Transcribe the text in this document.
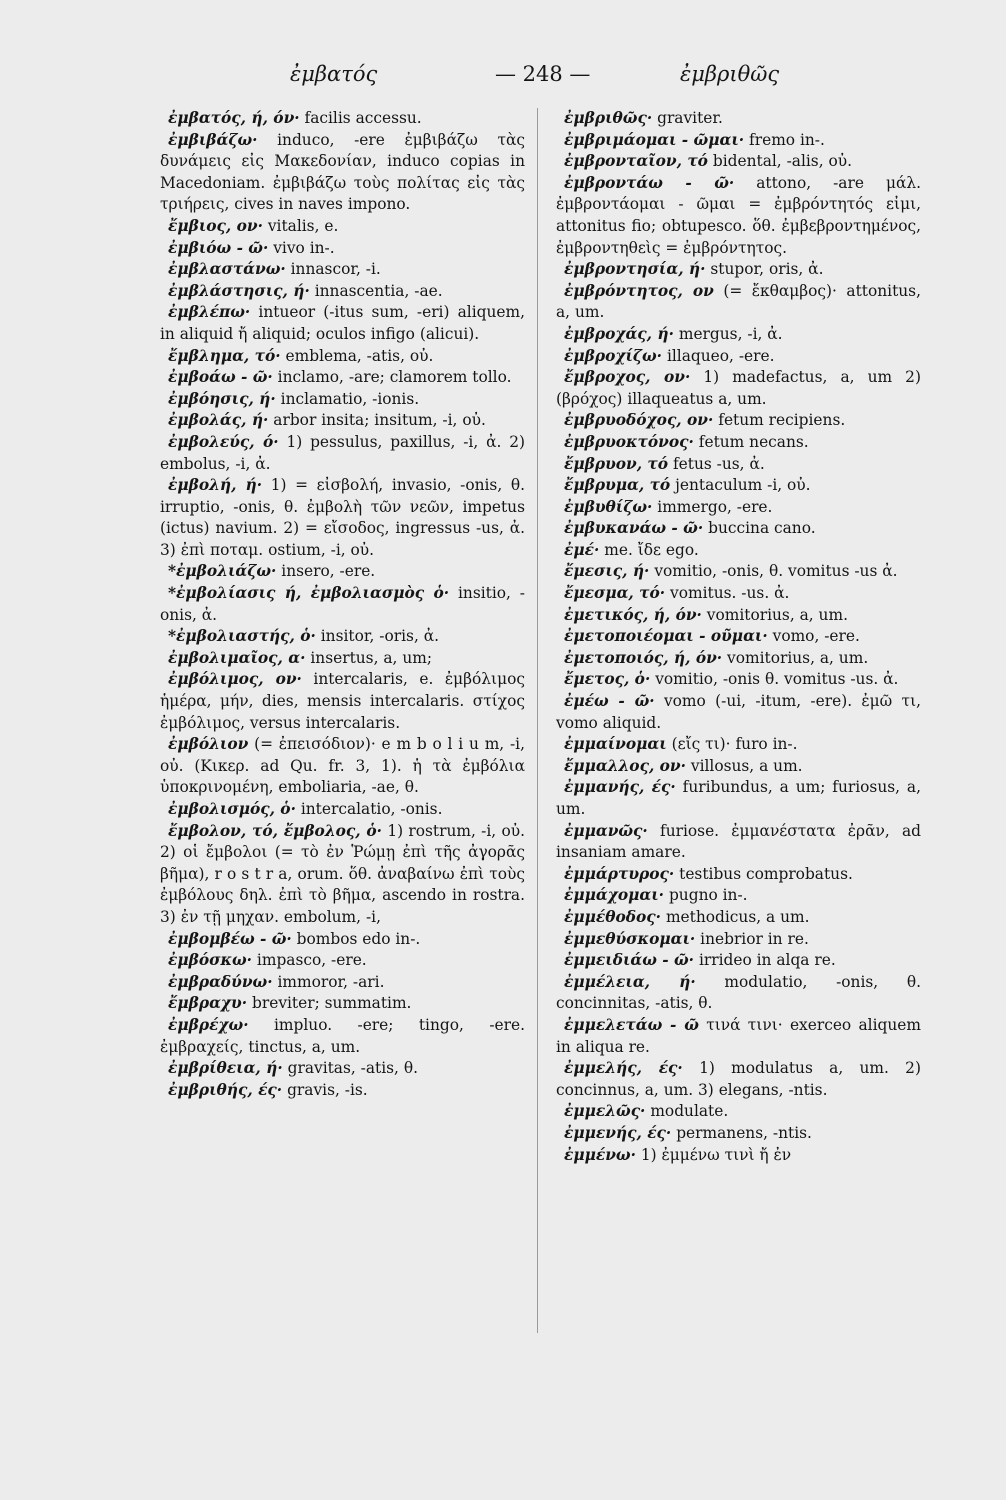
ἐμβατός	— 248 —	ἐμβριθῶς

ἐμβατός, ή, όν· facilis accessu.

ἐμβιβάζω· induco, -ere ἐμβιβάζω τὰς δυνάμεις εἰς Μακεδονίαν, induco copias in Macedoniam. ἐμβιβάζω τοὺς πολίτας εἰς τὰς τριήρεις, cives in naves impono.

ἔμβιος, ον· vitalis, e.

ἐμβιόω - ῶ· vivo in-.

ἐμβλαστάνω· innascor, -i.

ἐμβλάστησις, ή· innascentia, -ae.

ἐμβλέπω· intueor (-itus sum, -eri) aliquem, in aliquid ἤ aliquid; oculos infigo (alicui).

ἔμβλημα, τό· emblema, -atis, οὐ.

ἐμβοάω - ῶ· inclamo, -are; clamorem tollo.

ἐμβόησις, ή· inclamatio, -ionis.

ἐμβολάς, ή· arbor insita; insitum, -i, οὐ.

ἐμβολεύς, ό· 1) pessulus, paxillus, -i, ἀ. 2) embolus, -i, ἀ.

ἐμβολή, ή· 1) = εἰσβολή, invasio, -onis, θ. irruptio, -onis, θ. ἐμβολὴ τῶν νεῶν, impetus (ictus) navium. 2) = εἴσοδος, ingressus -us, ἀ. 3) ἐπὶ ποταμ. ostium, -i, οὐ.

*ἐμβολιάζω· insero, -ere.

*ἐμβολίασις ή, ἐμβολιασμὸς ὁ· insitio, -onis, ἀ.

*ἐμβολιαστής, ὁ· insitor, -oris, ἀ.

ἐμβολιμαῖος, α· insertus, a, um;

ἐμβόλιμος, ον· intercalaris, e. ἐμβόλιμος ἡμέρα, μήν, dies, mensis intercalaris. στίχος ἐμβόλιμος, versus intercalaris.

ἐμβόλιον (= ἐπεισόδιον)· e m b o l i u m, -i, οὐ. (Κικερ. ad Qu. fr. 3, 1). ἡ τὰ ἐμβόλια ὑποκρινομένη, emboliaria, -ae, θ.

ἐμβολισμός, ὁ· intercalatio, -onis.

ἔμβολον, τό, ἔμβολος, ὁ· 1) rostrum, -i, οὐ. 2) οἱ ἔμβολοι (= τὸ ἐν Ῥώμῃ ἐπὶ τῆς ἀγορᾶς βῆμα), r o s t r a, orum. ὅθ. ἀναβαίνω ἐπὶ τοὺς ἐμβόλους δηλ. ἐπὶ τὸ βῆμα, ascendo in rostra. 3) ἐν τῇ μηχαν. embolum, -i,

ἐμβομβέω - ῶ· bombos edo in-.

ἐμβόσκω· impasco, -ere.

ἐμβραδύνω· immoror, -ari.

ἔμβραχυ· breviter; summatim.

ἐμβρέχω· impluo. -ere; tingo, -ere. ἐμβραχείς, tinctus, a, um.

ἐμβρίθεια, ή· gravitas, -atis, θ.

ἐμβριθής, ές· gravis, -is.

ἐμβριθῶς· graviter.

ἐμβριμάομαι - ῶμαι· fremo in-.

ἐμβρονταῖον, τό bidental, -alis, οὐ.

ἐμβροντάω - ῶ· attono, -are μάλ. ἐμβροντάομαι - ῶμαι = ἐμβρόντητός εἰμι, attonitus fio; obtupesco. ὅθ. ἐμβεβροντημένος, ἐμβροντηθεὶς = ἐμβρόντητος.

ἐμβροντησία, ή· stupor, oris, ἀ.

ἐμβρόντητος, ον (= ἔκθαμβος)· attonitus, a, um.

ἐμβροχάς, ή· mergus, -i, ἀ.

ἐμβροχίζω· illaqueo, -ere.

ἔμβροχος, ον· 1) madefactus, a, um 2) (βρόχος) illaqueatus a, um.

ἐμβρυοδόχος, ον· fetum recipiens.

ἐμβρυοκτόνος· fetum necans.

ἔμβρυον, τό fetus -us, ἀ.

ἔμβρυμα, τό jentaculum -i, οὐ.

ἐμβυθίζω· immergo, -ere.

ἐμβυκανάω - ῶ· buccina cano.

ἐμέ· me. ἴδε ego.

ἔμεσις, ή· vomitio, -onis, θ. vomitus -us ἀ.

ἔμεσμα, τό· vomitus. -us. ἀ.

ἐμετικός, ή, όν· vomitorius, a, um.

ἐμετοποιέομαι - οῦμαι· vomo, -ere.

ἐμετοποιός, ή, όν· vomitorius, a, um.

ἔμετος, ὁ· vomitio, -onis θ. vomitus -us. ἀ.

ἐμέω - ῶ· vomo (-ui, -itum, -ere). ἐμῶ τι, vomo aliquid.

ἐμμαίνομαι (εἴς τι)· furo in-.

ἔμμαλλος, ον· villosus, a um.

ἐμμανής, ές· furibundus, a um; furiosus, a, um.

ἐμμανῶς· furiose. ἐμμανέστατα ἐρᾶν, ad insaniam amare.

ἐμμάρτυρος· testibus comprobatus.

ἐμμάχομαι· pugno in-.

ἐμμέθοδος· methodicus, a um.

ἐμμεθύσκομαι· inebrior in re.

ἐμμειδιάω - ῶ· irrideo in alqa re.

ἐμμέλεια, ή· modulatio, -onis, θ. concinnitas, -atis, θ.

ἐμμελετάω - ῶ τινά τινι· exerceo aliquem in aliqua re.

ἐμμελής, ές· 1) modulatus a, um. 2) concinnus, a, um. 3) elegans, -ntis.

ἐμμελῶς· modulate.

ἐμμενής, ές· permanens, -ntis.

ἐμμένω· 1) ἐμμένω τινὶ ἤ ἐν
